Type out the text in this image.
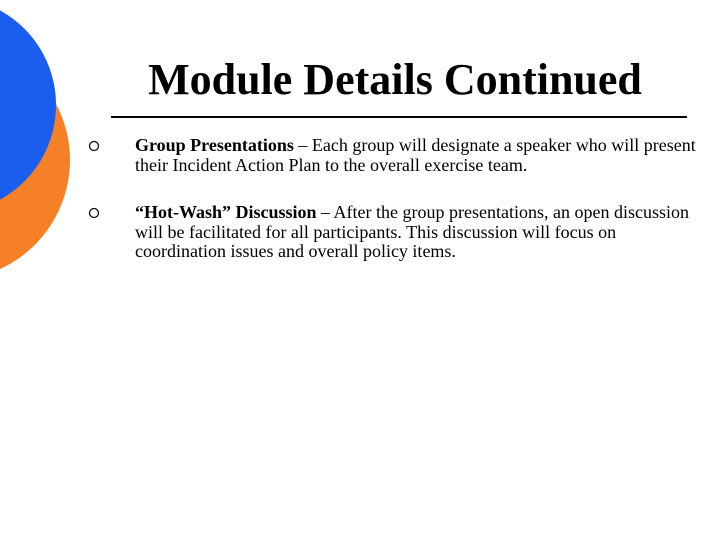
Module Details Continued

Group Presentations – Each group will designate a speaker who will present their Incident Action Plan to the overall exercise team.

“Hot-Wash” Discussion – After the group presentations, an open discussion will be facilitated for all participants. This discussion will focus on coordination issues and overall policy items.
